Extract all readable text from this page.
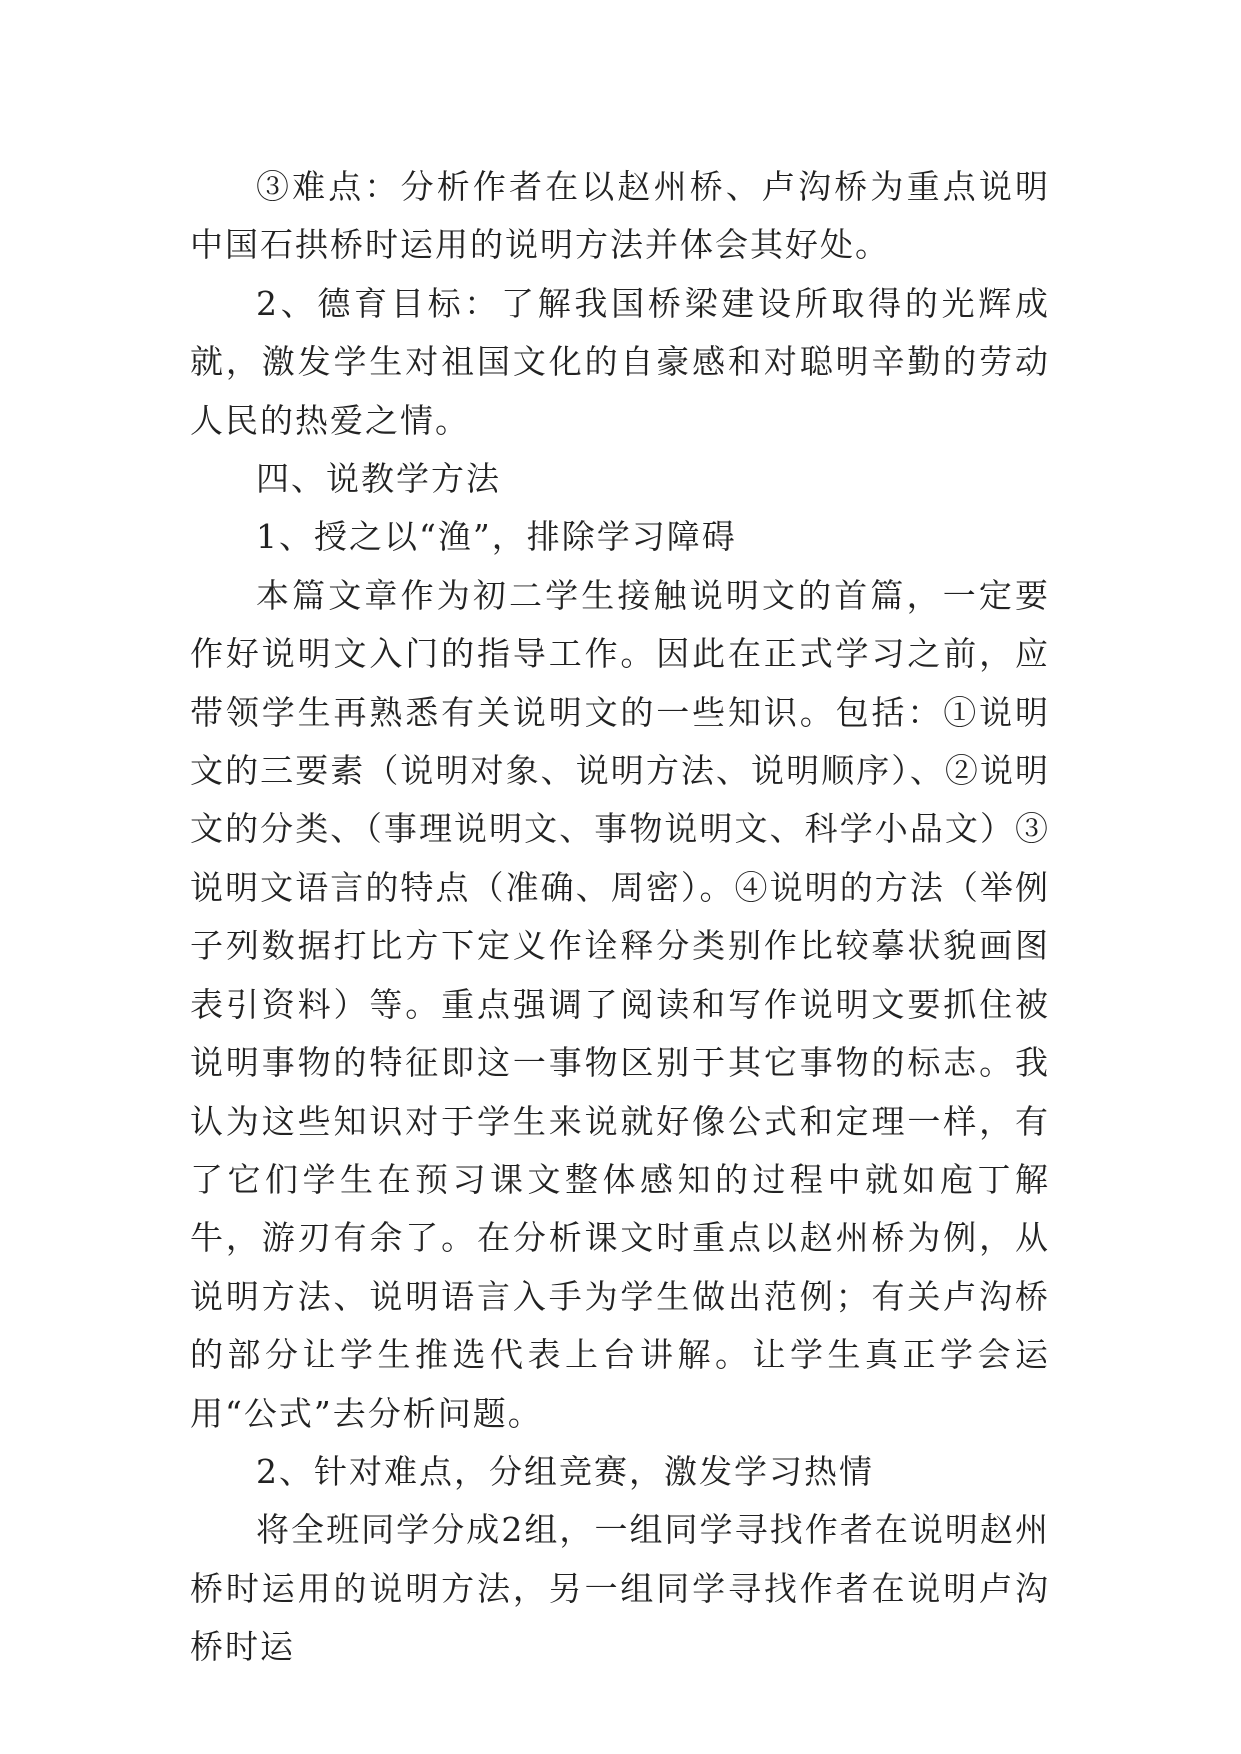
③难点：分析作者在以赵州桥、卢沟桥为重点说明中国石拱桥时运用的说明方法并体会其好处。

2、德育目标：了解我国桥梁建设所取得的光辉成就，激发学生对祖国文化的自豪感和对聪明辛勤的劳动人民的热爱之情。

四、说教学方法

1、授之以“渔”，排除学习障碍

本篇文章作为初二学生接触说明文的首篇，一定要作好说明文入门的指导工作。因此在正式学习之前，应带领学生再熟悉有关说明文的一些知识。包括：①说明文的三要素（说明对象、说明方法、说明顺序）、②说明文的分类、（事理说明文、事物说明文、科学小品文）③说明文语言的特点（准确、周密）。④说明的方法（举例子列数据打比方下定义作诠释分类别作比较摹状貌画图表引资料）等。重点强调了阅读和写作说明文要抓住被说明事物的特征即这一事物区别于其它事物的标志。我认为这些知识对于学生来说就好像公式和定理一样，有了它们学生在预习课文整体感知的过程中就如庖丁解牛，游刃有余了。在分析课文时重点以赵州桥为例，从说明方法、说明语言入手为学生做出范例；有关卢沟桥的部分让学生推选代表上台讲解。让学生真正学会运用“公式”去分析问题。

2、针对难点，分组竞赛，激发学习热情

将全班同学分成2组，一组同学寻找作者在说明赵州桥时运用的说明方法，另一组同学寻找作者在说明卢沟桥时运
